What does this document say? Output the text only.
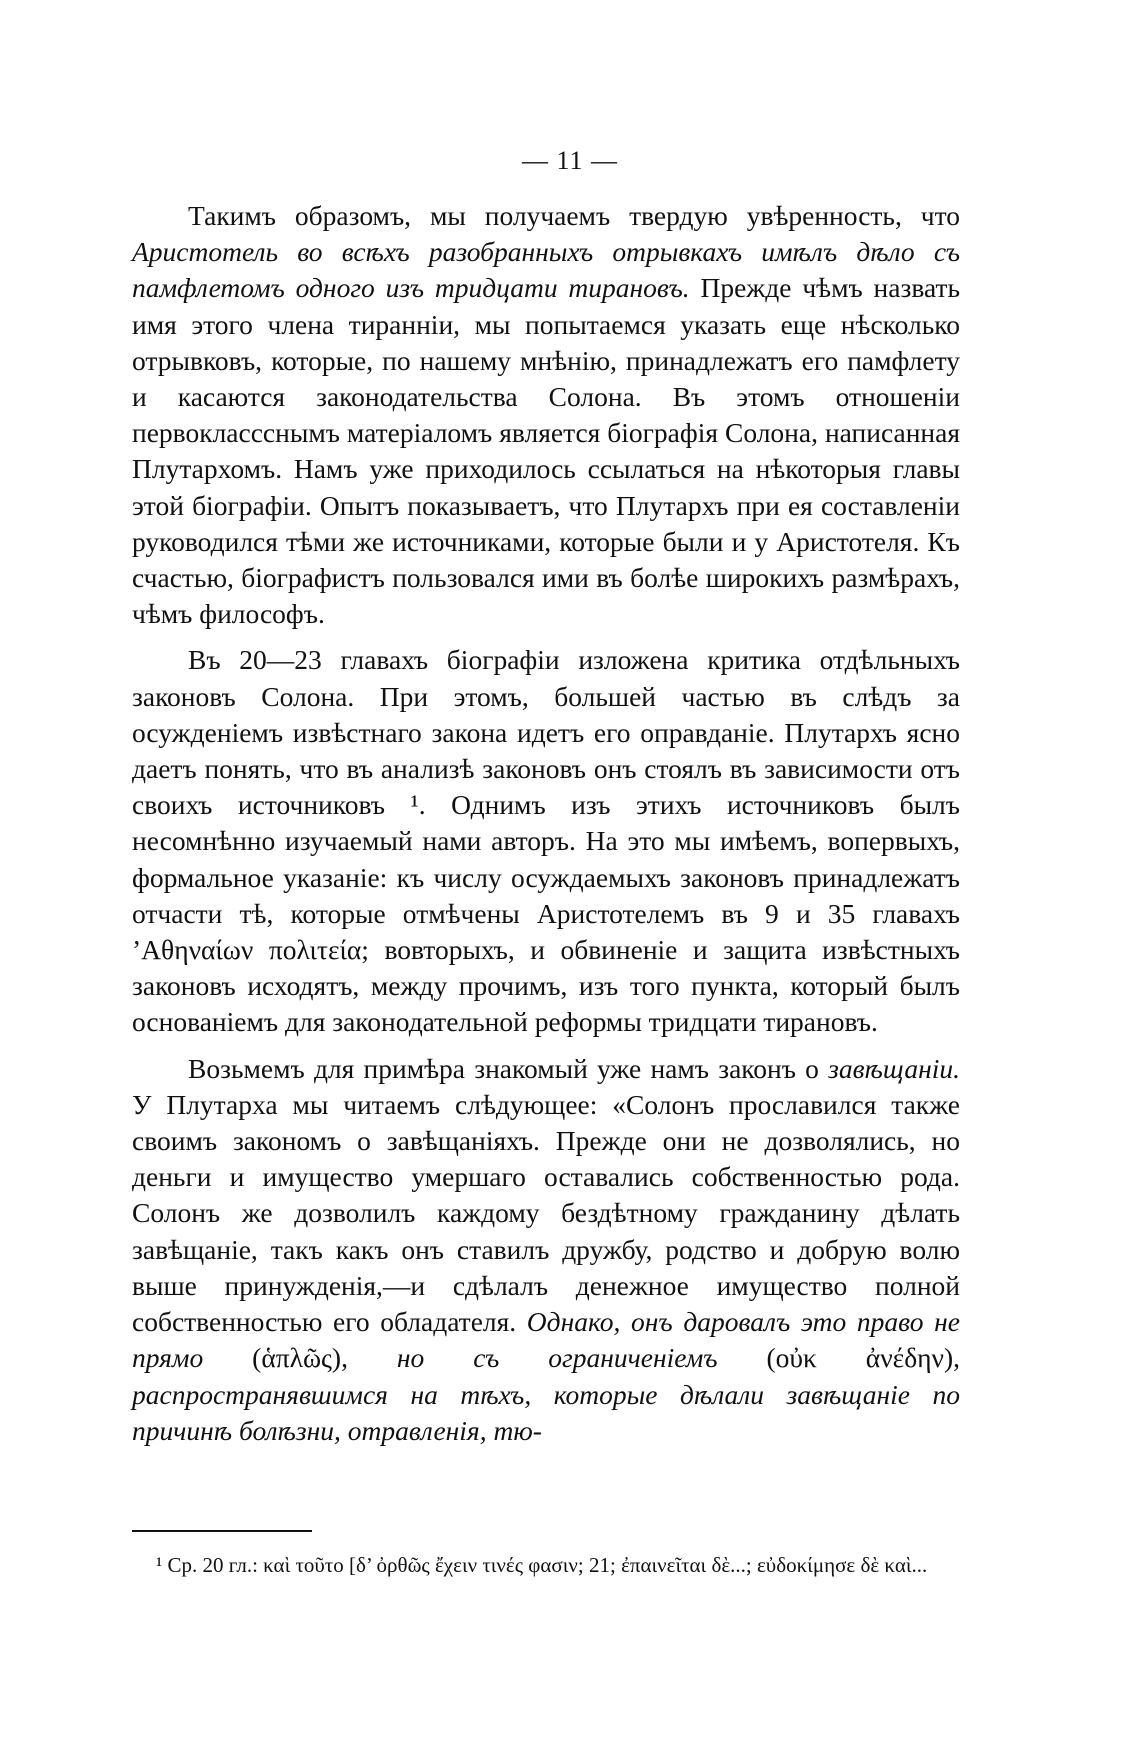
— 11 —

Такимъ образомъ, мы получаемъ твердую увѣренность, что Аристотель во всѣхъ разобранныхъ отрывкахъ имѣлъ дѣло съ памфлетомъ одного изъ тридцати тирановъ. Прежде чѣмъ назвать имя этого члена тираннiи, мы попытаемся указать еще нѣсколько отрывковъ, которые, по нашему мнѣнiю, принадлежатъ его памфлету и касаются законодательства Солона. Въ этомъ отношенiи первоклассснымъ матерiаломъ является бiографiя Солона, написанная Плутархомъ. Намъ уже приходилось ссылаться на нѣкоторыя главы этой бiографiи. Опытъ показываетъ, что Плутархъ при ея составленiи руководился тѣми же источниками, которые были и у Аристотеля. Къ счастью, бiографистъ пользовался ими въ болѣе широкихъ размѣрахъ, чѣмъ философъ.

Въ 20—23 главахъ бiографiи изложена критика отдѣльныхъ законовъ Солона. При этомъ, большей частью въ слѣдъ за осужденiемъ извѣстнаго закона идетъ его оправданiе. Плутархъ ясно даетъ понять, что въ анализѣ законовъ онъ стоялъ въ зависимости отъ своихъ источниковъ ¹. Однимъ изъ этихъ источниковъ былъ несомнѣнно изучаемый нами авторъ. На это мы имѣемъ, вопервыхъ, формальное указанiе: къ числу осуждаемыхъ законовъ принадлежатъ отчасти тѣ, которые отмѣчены Аристотелемъ въ 9 и 35 главахъ ’Αθηναίων πολιτεία; вовторыхъ, и обвиненiе и защита извѣстныхъ законовъ исходятъ, между прочимъ, изъ того пункта, который былъ основанiемъ для законодательной реформы тридцати тирановъ.

Возьмемъ для примѣра знакомый уже намъ законъ о завѣщанiи. У Плутарха мы читаемъ слѣдующее: «Солонъ прославился также своимъ закономъ о завѣщанiяхъ. Прежде они не дозволялись, но деньги и имущество умершаго оставались собственностью рода. Солонъ же дозволилъ каждому бездѣтному гражданину дѣлать завѣщанiе, такъ какъ онъ ставилъ дружбу, родство и добрую волю выше принужденiя,—и сдѣлалъ денежное имущество полной собственностью его обладателя. Однако, онъ даровалъ это право не прямо (ἁπλῶς), но съ ограниченiемъ (οὐκ ἀνέδην), распространявшимся на тѣхъ, которые дѣлали завѣщанiе по причинѣ болѣзни, отравленiя, тю-

¹ Ср. 20 гл.: καὶ τοῦτο [δ’ ὀρθῶς ἔχειν τινές φασιν; 21; ἐπαινεῖται δὲ...; εὐδοκίμησε δὲ καὶ...
